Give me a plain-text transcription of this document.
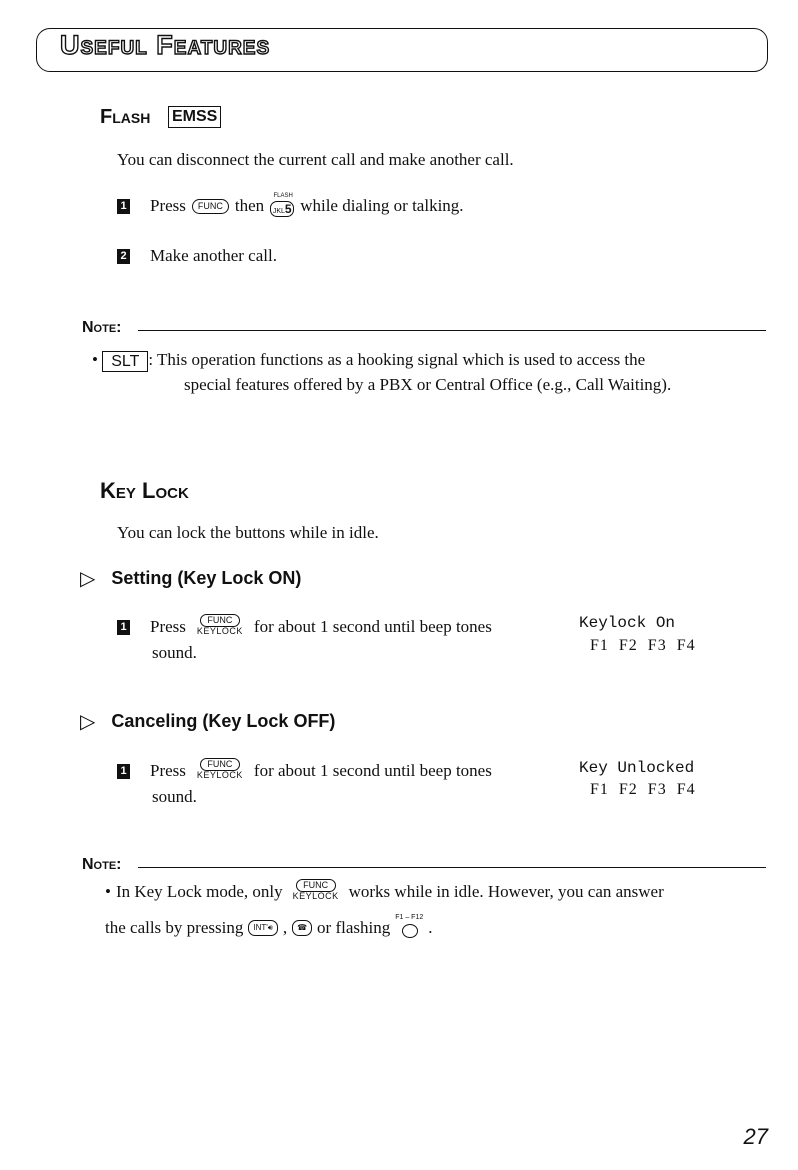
Useful Features
Flash EMSS
You can disconnect the current call and make another call.
1 Press	FUNC then	FLASH
JKL5 while dialing or talking.
2 Make another call.
Note:
• SLT : This operation functions as a hooking signal which is used to access the
special features offered by a PBX or Central Office (e.g., Call Waiting).
Key Lock
You can lock the buttons while in idle.
▷ Setting (Key Lock ON)
1 Press	FUNC
KEYLOCK for about 1 second until beep tones
sound.
Keylock On
F1  F2  F3  F4
▷ Canceling (Key Lock OFF)
1 Press	FUNC
KEYLOCK for about 1 second until beep tones
sound.
Key Unlocked
F1  F2  F3  F4
Note:
• In Key Lock mode, only	FUNC
KEYLOCK works while in idle. However, you can answer
the calls by pressing	INT'🔊︎ ,	☎︎ or flashing
F1 – F12
.
27
